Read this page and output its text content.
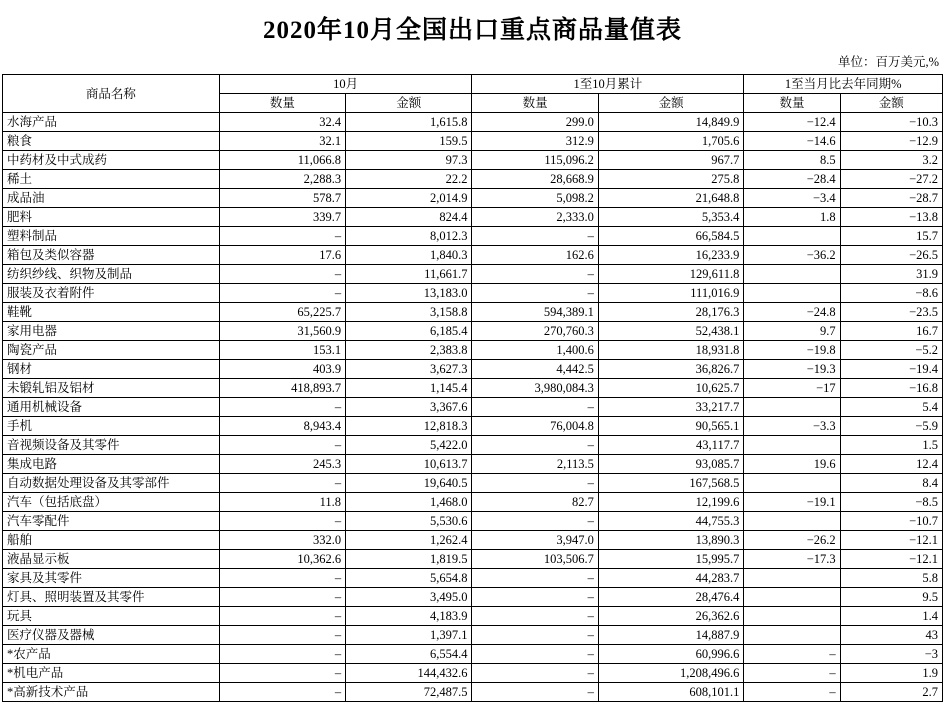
2020年10月全国出口重点商品量值表
单位：百万美元,%
商品名称	10月		1至10月累计		1至当月比去年同期%	
	数量	金额	数量	金额	数量	金额
水海产品	32.4	1,615.8	299.0	14,849.9	−12.4	−10.3
粮食	32.1	159.5	312.9	1,705.6	−14.6	−12.9
中药材及中式成药	11,066.8	97.3	115,096.2	967.7	8.5	3.2
稀土	2,288.3	22.2	28,668.9	275.8	−28.4	−27.2
成品油	578.7	2,014.9	5,098.2	21,648.8	−3.4	−28.7
肥料	339.7	824.4	2,333.0	5,353.4	1.8	−13.8
塑料制品	–	8,012.3	–	66,584.5		15.7
箱包及类似容器	17.6	1,840.3	162.6	16,233.9	−36.2	−26.5
纺织纱线、织物及制品	–	11,661.7	–	129,611.8		31.9
服装及衣着附件	–	13,183.0	–	111,016.9		−8.6
鞋靴	65,225.7	3,158.8	594,389.1	28,176.3	−24.8	−23.5
家用电器	31,560.9	6,185.4	270,760.3	52,438.1	9.7	16.7
陶瓷产品	153.1	2,383.8	1,400.6	18,931.8	−19.8	−5.2
钢材	403.9	3,627.3	4,442.5	36,826.7	−19.3	−19.4
未锻轧铝及铝材	418,893.7	1,145.4	3,980,084.3	10,625.7	−17	−16.8
通用机械设备	–	3,367.6	–	33,217.7		5.4
手机	8,943.4	12,818.3	76,004.8	90,565.1	−3.3	−5.9
音视频设备及其零件	–	5,422.0	–	43,117.7		1.5
集成电路	245.3	10,613.7	2,113.5	93,085.7	19.6	12.4
自动数据处理设备及其零部件	–	19,640.5	–	167,568.5		8.4
汽车（包括底盘）	11.8	1,468.0	82.7	12,199.6	−19.1	−8.5
汽车零配件	–	5,530.6	–	44,755.3		−10.7
船舶	332.0	1,262.4	3,947.0	13,890.3	−26.2	−12.1
液晶显示板	10,362.6	1,819.5	103,506.7	15,995.7	−17.3	−12.1
家具及其零件	–	5,654.8	–	44,283.7		5.8
灯具、照明装置及其零件	–	3,495.0	–	28,476.4		9.5
玩具	–	4,183.9	–	26,362.6		1.4
医疗仪器及器械	–	1,397.1	–	14,887.9		43
*农产品	–	6,554.4	–	60,996.6	–	−3
*机电产品	–	144,432.6	–	1,208,496.6	–	1.9
*高新技术产品	–	72,487.5	–	608,101.1	–	2.7
